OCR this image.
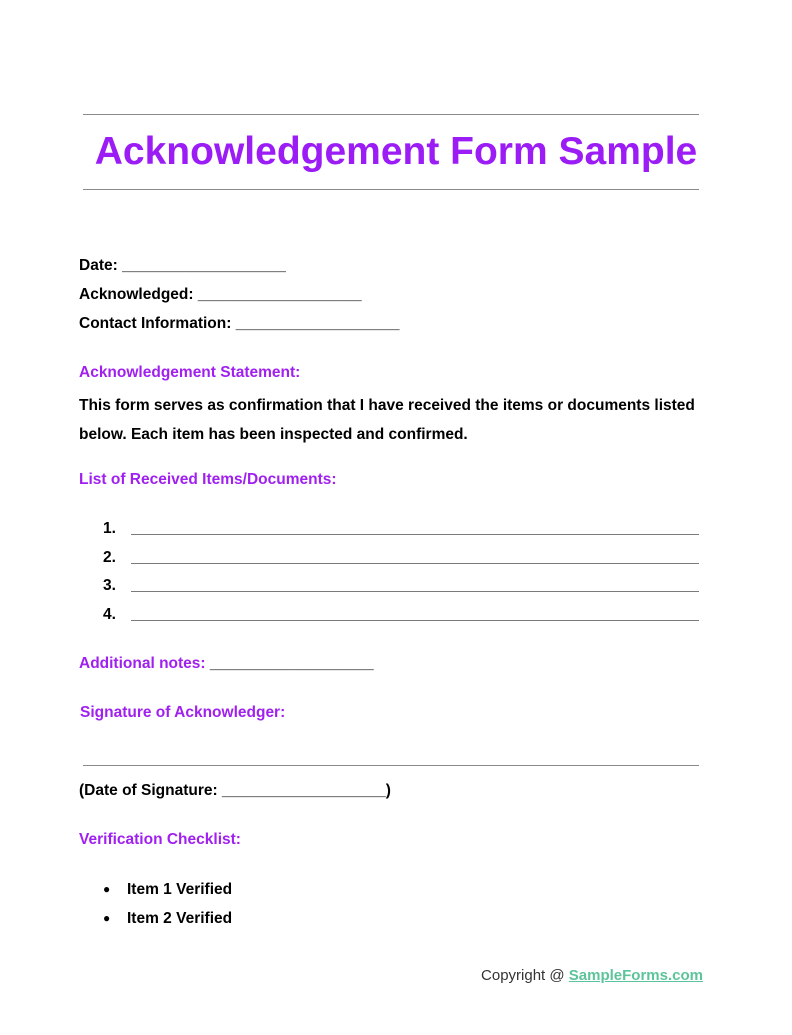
Acknowledgement Form Sample
Date: ___________________
Acknowledged: ___________________
Contact Information: ___________________
Acknowledgement Statement:
This form serves as confirmation that I have received the items or documents listed below. Each item has been inspected and confirmed.
List of Received Items/Documents:
1.
2.
3.
4.
Additional notes: ___________________
Signature of Acknowledger:
(Date of Signature: ___________________)
Verification Checklist:
● Item 1 Verified
● Item 2 Verified
Copyright @ SampleForms.com
